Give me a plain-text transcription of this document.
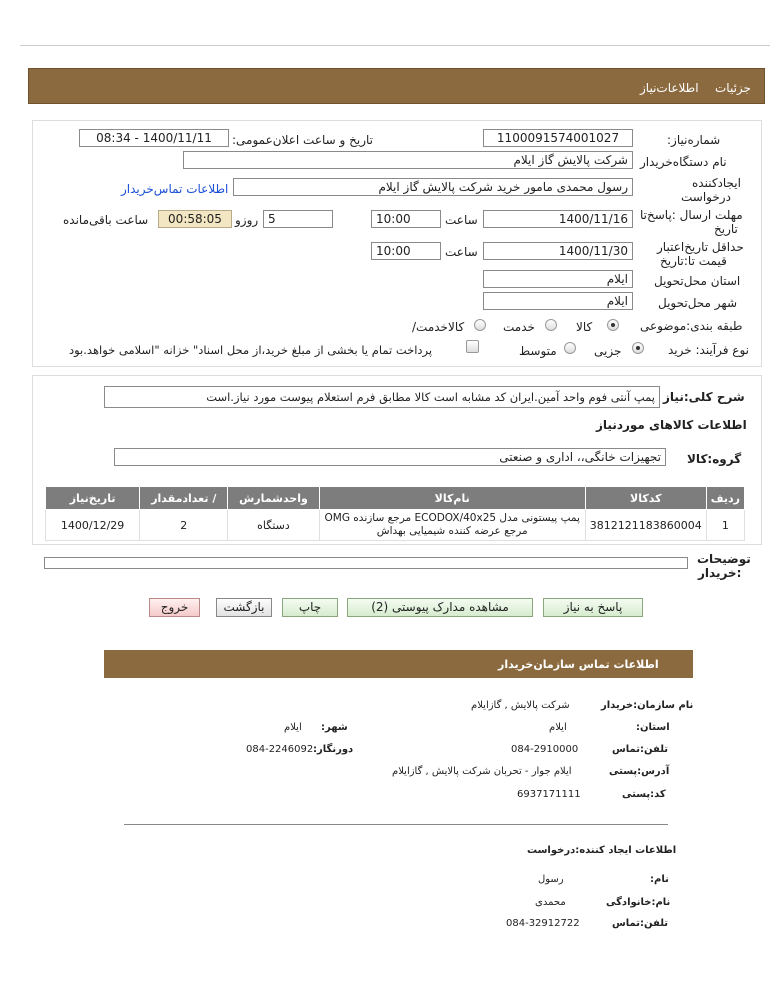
جزئیات
اطلاعات‌نیاز
شماره‌نیاز:
1100091574001027
تاریخ و ساعت اعلان‌عمومی:
1400/11/11 - 08:34
نام دستگاه‌خریدار
شرکت پالایش گاز ایلام
ایجادکننده
درخواست
رسول محمدی مامور خرید شرکت پالایش گاز ایلام
اطلاعات تماس‌خریدار
مهلت ارسال :پاسخ‌تا
تاریخ
1400/11/16
ساعت
10:00
5
روزو
00:58:05
ساعت باقی‌مانده
حداقل تاریخ‌اعتبار
قیمت تا:تاریخ
1400/11/30
ساعت
10:00
استان محل‌تحویل
ایلام
شهر محل‌تحویل
ایلام
طبقه بندی:موضوعی
کالا
خدمت
کالاخدمت/
نوع فرآیند: خرید
جزیی
متوسط
پرداخت تمام یا بخشی از مبلغ خرید،از محل اسناد" خزانه "اسلامی خواهد.بود
شرح کلی:نیاز
پمپ آنتی فوم واحد آمین.ایران کد مشابه است کالا مطابق فرم استعلام پیوست مورد نیاز.است
اطلاعات کالاهای موردنیاز
گروه:کالا
تجهیزات خانگی،، اداری و صنعتی
ردیف	کدکالا	نام‌کالا	واحدشمارش	/ تعدادمقدار	تاریخ‌نیاز
1	3812121183860004	پمپ پیستونی مدل ECODOX/40x25 مرجع سازنده OMG مرجع عرضه کننده شیمیایی بهداش	دستگاه	2	1400/12/29
توضیحات
:خریدار
پاسخ به نیاز
مشاهده مدارک پیوستی (2)
چاپ
بازگشت
خروج
اطلاعات تماس سازمان‌خریدار
نام سازمان:خریدار
شرکت پالایش , گازایلام
استان:
ایلام
شهر:
ایلام
تلفن:تماس
084-2910000
دورنگار:
084-2246092
آدرس:پستی
ایلام جوار - تحربان شرکت پالایش , گازایلام
کد:پستی
6937171111
اطلاعات ایجاد کننده:درخواست
نام:
رسول
نام:خانوادگی
محمدی
تلفن:تماس
084-32912722
